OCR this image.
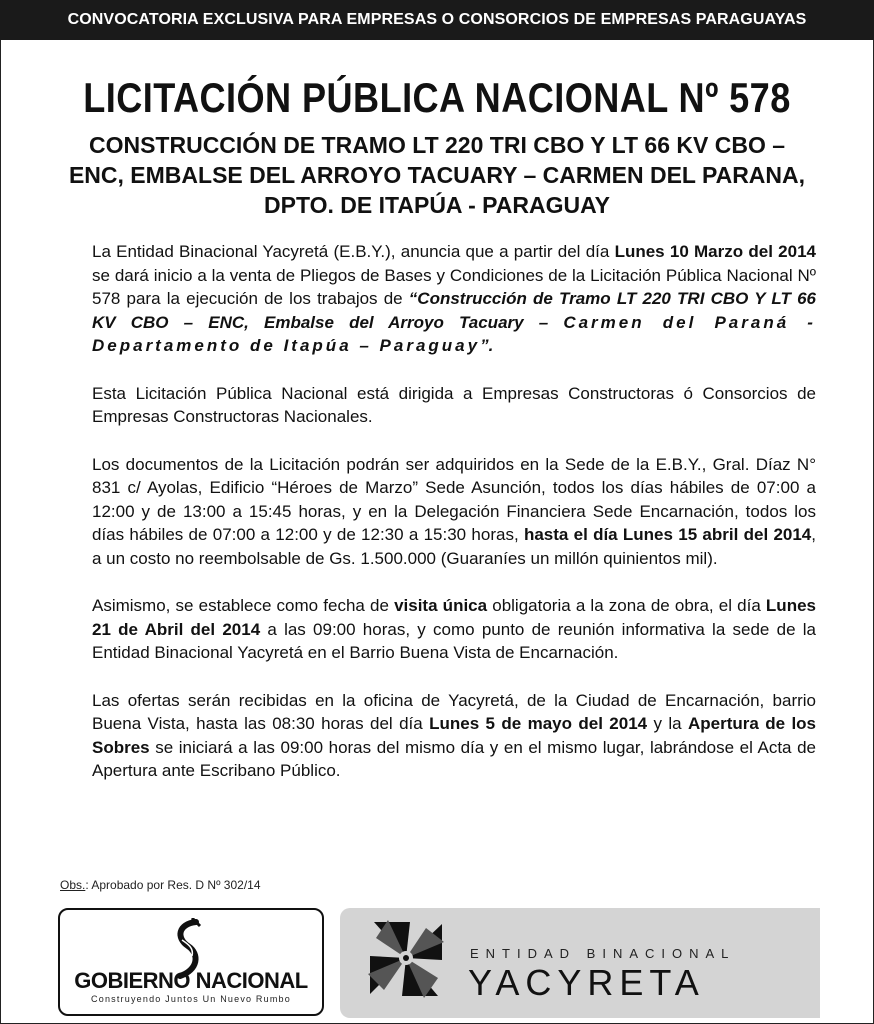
CONVOCATORIA EXCLUSIVA PARA EMPRESAS O CONSORCIOS DE EMPRESAS PARAGUAYAS
LICITACIÓN PÚBLICA NACIONAL Nº 578
CONSTRUCCIÓN DE TRAMO LT 220 TRI CBO Y LT 66 KV CBO –
ENC, EMBALSE DEL ARROYO TACUARY – CARMEN DEL PARANA,
DPTO. DE ITAPÚA - PARAGUAY

La Entidad Binacional Yacyretá (E.B.Y.), anuncia que a partir del día Lunes 10 Marzo del 2014 se dará inicio a la venta de Pliegos de Bases y Condiciones de la Licitación Pública Nacional Nº 578 para la ejecución de los trabajos de “Construcción de Tramo LT 220 TRI CBO Y LT 66 KV CBO – ENC, Embalse del Arroyo Tacuary – Carmen del Paraná - Departamento de Itapúa – Paraguay”.

Esta Licitación Pública Nacional está dirigida a Empresas Constructoras ó Consorcios de Empresas Constructoras Nacionales.

Los documentos de la Licitación podrán ser adquiridos en la Sede de la E.B.Y., Gral. Díaz N° 831 c/ Ayolas, Edificio “Héroes de Marzo” Sede Asunción, todos los días hábiles de 07:00 a 12:00 y de 13:00 a 15:45 horas, y en la Delegación Financiera Sede Encarnación, todos los días hábiles de 07:00 a 12:00 y de 12:30 a 15:30 horas, hasta el día Lunes 15 abril del 2014, a un costo no reembolsable de Gs. 1.500.000 (Guaraníes un millón quinientos mil).

Asimismo, se establece como fecha de visita única obligatoria a la zona de obra, el día Lunes 21 de Abril del 2014 a las 09:00 horas, y como punto de reunión informativa la sede de la Entidad Binacional Yacyretá en el Barrio Buena Vista de Encarnación.

Las ofertas serán recibidas en la oficina de Yacyretá, de la Ciudad de Encarnación, barrio Buena Vista, hasta las 08:30 horas del día Lunes 5 de mayo del 2014 y la Apertura de los Sobres se iniciará a las 09:00 horas del mismo día y en el mismo lugar, labrándose el Acta de Apertura ante Escribano Público.

Obs.: Aprobado por Res. D Nº 302/14
GOBIERNO NACIONAL
Construyendo Juntos Un Nuevo Rumbo
ENTIDAD BINACIONAL
YACYRETA
